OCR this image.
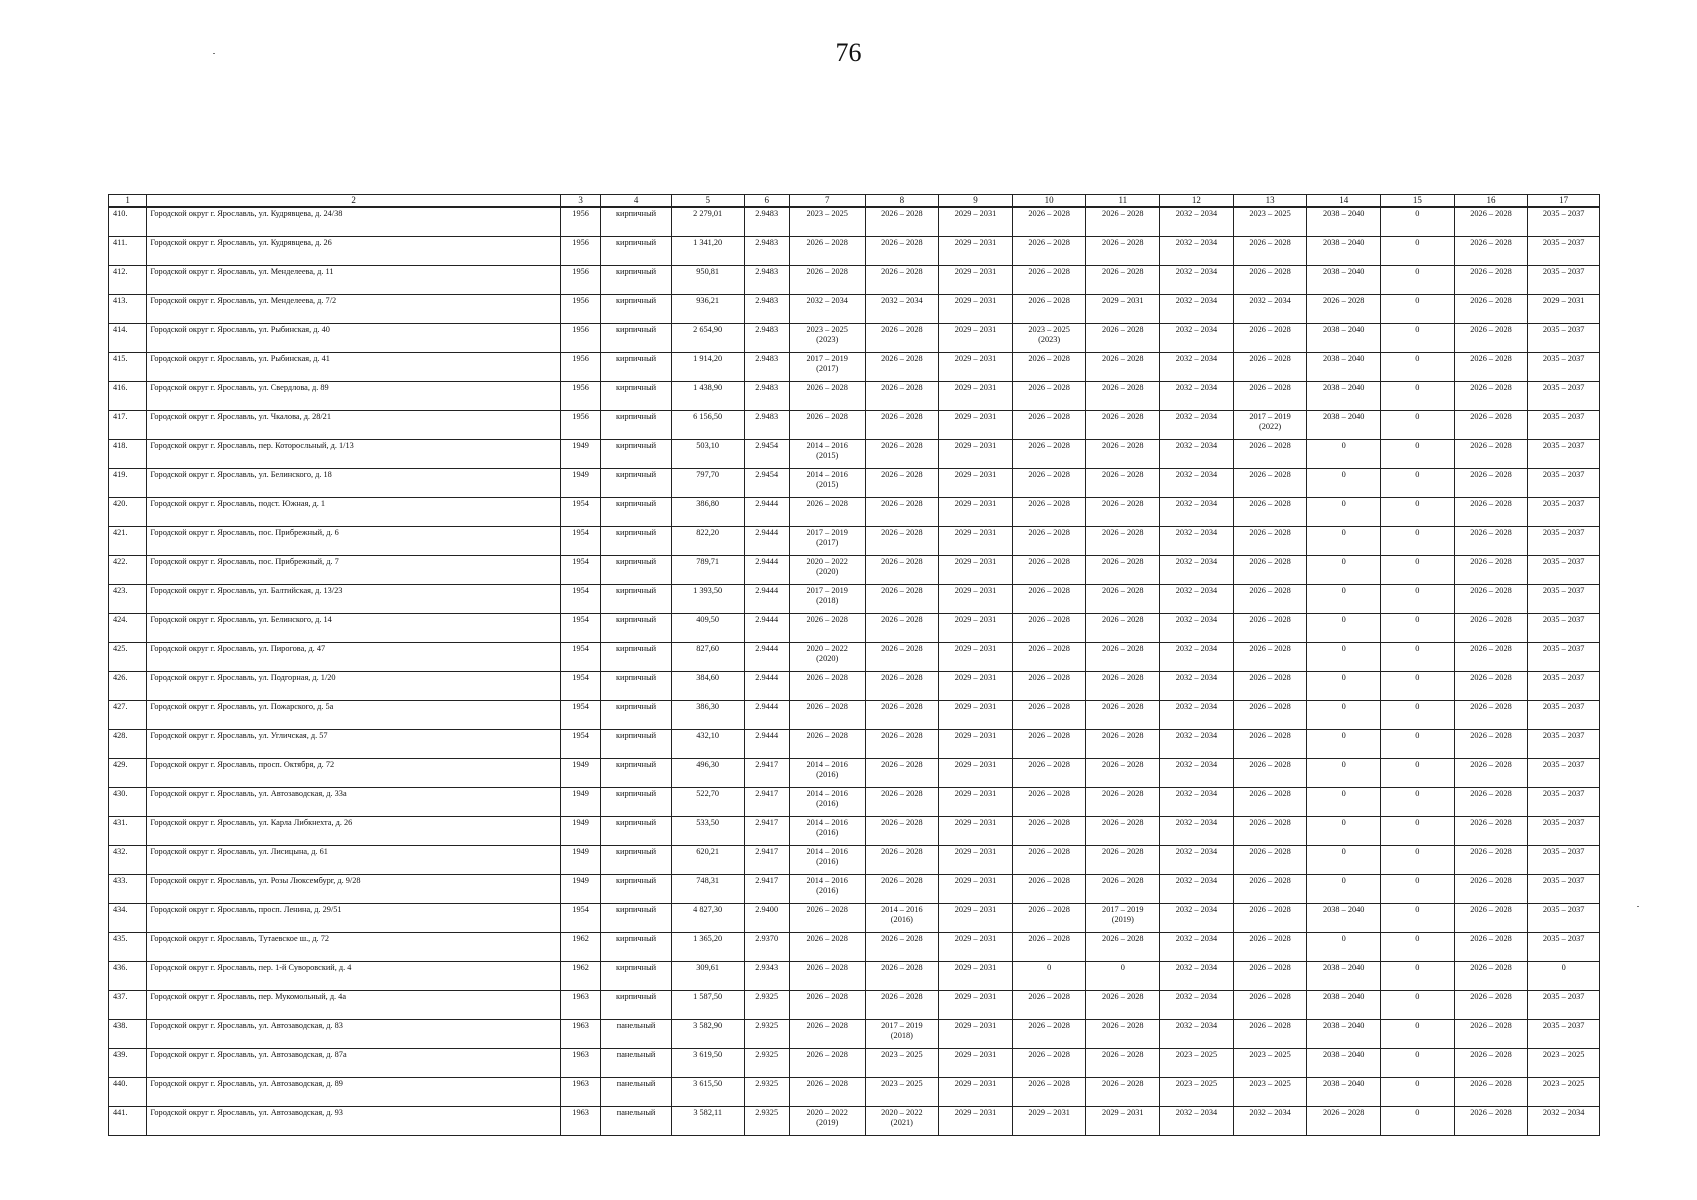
76
1	2	3	4	5	6	7	8	9	10	11	12	13	14	15	16	17
410.	Городской округ г. Ярославль, ул. Кудрявцева, д. 24/38	1956	кирпичный	2 279,01	2.9483	2023 – 2025	2026 – 2028	2029 – 2031	2026 – 2028	2026 – 2028	2032 – 2034	2023 – 2025	2038 – 2040	0	2026 – 2028	2035 – 2037
411.	Городской округ г. Ярославль, ул. Кудрявцева, д. 26	1956	кирпичный	1 341,20	2.9483	2026 – 2028	2026 – 2028	2029 – 2031	2026 – 2028	2026 – 2028	2032 – 2034	2026 – 2028	2038 – 2040	0	2026 – 2028	2035 – 2037
412.	Городской округ г. Ярославль, ул. Менделеева, д. 11	1956	кирпичный	950,81	2.9483	2026 – 2028	2026 – 2028	2029 – 2031	2026 – 2028	2026 – 2028	2032 – 2034	2026 – 2028	2038 – 2040	0	2026 – 2028	2035 – 2037
413.	Городской округ г. Ярославль, ул. Менделеева, д. 7/2	1956	кирпичный	936,21	2.9483	2032 – 2034	2032 – 2034	2029 – 2031	2026 – 2028	2029 – 2031	2032 – 2034	2032 – 2034	2026 – 2028	0	2026 – 2028	2029 – 2031
414.	Городской округ г. Ярославль, ул. Рыбинская, д. 40	1956	кирпичный	2 654,90	2.9483	2023 – 2025
(2023)	2026 – 2028	2029 – 2031	2023 – 2025
(2023)	2026 – 2028	2032 – 2034	2026 – 2028	2038 – 2040	0	2026 – 2028	2035 – 2037
415.	Городской округ г. Ярославль, ул. Рыбинская, д. 41	1956	кирпичный	1 914,20	2.9483	2017 – 2019
(2017)	2026 – 2028	2029 – 2031	2026 – 2028	2026 – 2028	2032 – 2034	2026 – 2028	2038 – 2040	0	2026 – 2028	2035 – 2037
416.	Городской округ г. Ярославль, ул. Свердлова, д. 89	1956	кирпичный	1 438,90	2.9483	2026 – 2028	2026 – 2028	2029 – 2031	2026 – 2028	2026 – 2028	2032 – 2034	2026 – 2028	2038 – 2040	0	2026 – 2028	2035 – 2037
417.	Городской округ г. Ярославль, ул. Чкалова, д. 28/21	1956	кирпичный	6 156,50	2.9483	2026 – 2028	2026 – 2028	2029 – 2031	2026 – 2028	2026 – 2028	2032 – 2034	2017 – 2019
(2022)	2038 – 2040	0	2026 – 2028	2035 – 2037
418.	Городской округ г. Ярославль, пер. Которосльный, д. 1/13	1949	кирпичный	503,10	2.9454	2014 – 2016
(2015)	2026 – 2028	2029 – 2031	2026 – 2028	2026 – 2028	2032 – 2034	2026 – 2028	0	0	2026 – 2028	2035 – 2037
419.	Городской округ г. Ярославль, ул. Белинского, д. 18	1949	кирпичный	797,70	2.9454	2014 – 2016
(2015)	2026 – 2028	2029 – 2031	2026 – 2028	2026 – 2028	2032 – 2034	2026 – 2028	0	0	2026 – 2028	2035 – 2037
420.	Городской округ г. Ярославль, подст. Южная, д. 1	1954	кирпичный	386,80	2.9444	2026 – 2028	2026 – 2028	2029 – 2031	2026 – 2028	2026 – 2028	2032 – 2034	2026 – 2028	0	0	2026 – 2028	2035 – 2037
421.	Городской округ г. Ярославль, пос. Прибрежный, д. 6	1954	кирпичный	822,20	2.9444	2017 – 2019
(2017)	2026 – 2028	2029 – 2031	2026 – 2028	2026 – 2028	2032 – 2034	2026 – 2028	0	0	2026 – 2028	2035 – 2037
422.	Городской округ г. Ярославль, пос. Прибрежный, д. 7	1954	кирпичный	789,71	2.9444	2020 – 2022
(2020)	2026 – 2028	2029 – 2031	2026 – 2028	2026 – 2028	2032 – 2034	2026 – 2028	0	0	2026 – 2028	2035 – 2037
423.	Городской округ г. Ярославль, ул. Балтийская, д. 13/23	1954	кирпичный	1 393,50	2.9444	2017 – 2019
(2018)	2026 – 2028	2029 – 2031	2026 – 2028	2026 – 2028	2032 – 2034	2026 – 2028	0	0	2026 – 2028	2035 – 2037
424.	Городской округ г. Ярославль, ул. Белинского, д. 14	1954	кирпичный	409,50	2.9444	2026 – 2028	2026 – 2028	2029 – 2031	2026 – 2028	2026 – 2028	2032 – 2034	2026 – 2028	0	0	2026 – 2028	2035 – 2037
425.	Городской округ г. Ярославль, ул. Пирогова, д. 47	1954	кирпичный	827,60	2.9444	2020 – 2022
(2020)	2026 – 2028	2029 – 2031	2026 – 2028	2026 – 2028	2032 – 2034	2026 – 2028	0	0	2026 – 2028	2035 – 2037
426.	Городской округ г. Ярославль, ул. Подгорная, д. 1/20	1954	кирпичный	384,60	2.9444	2026 – 2028	2026 – 2028	2029 – 2031	2026 – 2028	2026 – 2028	2032 – 2034	2026 – 2028	0	0	2026 – 2028	2035 – 2037
427.	Городской округ г. Ярославль, ул. Пожарского, д. 5а	1954	кирпичный	386,30	2.9444	2026 – 2028	2026 – 2028	2029 – 2031	2026 – 2028	2026 – 2028	2032 – 2034	2026 – 2028	0	0	2026 – 2028	2035 – 2037
428.	Городской округ г. Ярославль, ул. Угличская, д. 57	1954	кирпичный	432,10	2.9444	2026 – 2028	2026 – 2028	2029 – 2031	2026 – 2028	2026 – 2028	2032 – 2034	2026 – 2028	0	0	2026 – 2028	2035 – 2037
429.	Городской округ г. Ярославль, просп. Октября, д. 72	1949	кирпичный	496,30	2.9417	2014 – 2016
(2016)	2026 – 2028	2029 – 2031	2026 – 2028	2026 – 2028	2032 – 2034	2026 – 2028	0	0	2026 – 2028	2035 – 2037
430.	Городской округ г. Ярославль, ул. Автозаводская, д. 33а	1949	кирпичный	522,70	2.9417	2014 – 2016
(2016)	2026 – 2028	2029 – 2031	2026 – 2028	2026 – 2028	2032 – 2034	2026 – 2028	0	0	2026 – 2028	2035 – 2037
431.	Городской округ г. Ярославль, ул. Карла Либкнехта, д. 26	1949	кирпичный	533,50	2.9417	2014 – 2016
(2016)	2026 – 2028	2029 – 2031	2026 – 2028	2026 – 2028	2032 – 2034	2026 – 2028	0	0	2026 – 2028	2035 – 2037
432.	Городской округ г. Ярославль, ул. Лисицына, д. 61	1949	кирпичный	620,21	2.9417	2014 – 2016
(2016)	2026 – 2028	2029 – 2031	2026 – 2028	2026 – 2028	2032 – 2034	2026 – 2028	0	0	2026 – 2028	2035 – 2037
433.	Городской округ г. Ярославль, ул. Розы Люксембург, д. 9/28	1949	кирпичный	748,31	2.9417	2014 – 2016
(2016)	2026 – 2028	2029 – 2031	2026 – 2028	2026 – 2028	2032 – 2034	2026 – 2028	0	0	2026 – 2028	2035 – 2037
434.	Городской округ г. Ярославль, просп. Ленина, д. 29/51	1954	кирпичный	4 827,30	2.9400	2026 – 2028	2014 – 2016
(2016)	2029 – 2031	2026 – 2028	2017 – 2019
(2019)	2032 – 2034	2026 – 2028	2038 – 2040	0	2026 – 2028	2035 – 2037
435.	Городской округ г. Ярославль, Тутаевское ш., д. 72	1962	кирпичный	1 365,20	2.9370	2026 – 2028	2026 – 2028	2029 – 2031	2026 – 2028	2026 – 2028	2032 – 2034	2026 – 2028	0	0	2026 – 2028	2035 – 2037
436.	Городской округ г. Ярославль, пер. 1-й Суворовский, д. 4	1962	кирпичный	309,61	2.9343	2026 – 2028	2026 – 2028	2029 – 2031	0	0	2032 – 2034	2026 – 2028	2038 – 2040	0	2026 – 2028	0
437.	Городской округ г. Ярославль, пер. Мукомольный, д. 4а	1963	кирпичный	1 587,50	2.9325	2026 – 2028	2026 – 2028	2029 – 2031	2026 – 2028	2026 – 2028	2032 – 2034	2026 – 2028	2038 – 2040	0	2026 – 2028	2035 – 2037
438.	Городской округ г. Ярославль, ул. Автозаводская, д. 83	1963	панельный	3 582,90	2.9325	2026 – 2028	2017 – 2019
(2018)	2029 – 2031	2026 – 2028	2026 – 2028	2032 – 2034	2026 – 2028	2038 – 2040	0	2026 – 2028	2035 – 2037
439.	Городской округ г. Ярославль, ул. Автозаводская, д. 87а	1963	панельный	3 619,50	2.9325	2026 – 2028	2023 – 2025	2029 – 2031	2026 – 2028	2026 – 2028	2023 – 2025	2023 – 2025	2038 – 2040	0	2026 – 2028	2023 – 2025
440.	Городской округ г. Ярославль, ул. Автозаводская, д. 89	1963	панельный	3 615,50	2.9325	2026 – 2028	2023 – 2025	2029 – 2031	2026 – 2028	2026 – 2028	2023 – 2025	2023 – 2025	2038 – 2040	0	2026 – 2028	2023 – 2025
441.	Городской округ г. Ярославль, ул. Автозаводская, д. 93	1963	панельный	3 582,11	2.9325	2020 – 2022
(2019)	2020 – 2022
(2021)	2029 – 2031	2029 – 2031	2029 – 2031	2032 – 2034	2032 – 2034	2026 – 2028	0	2026 – 2028	2032 – 2034
